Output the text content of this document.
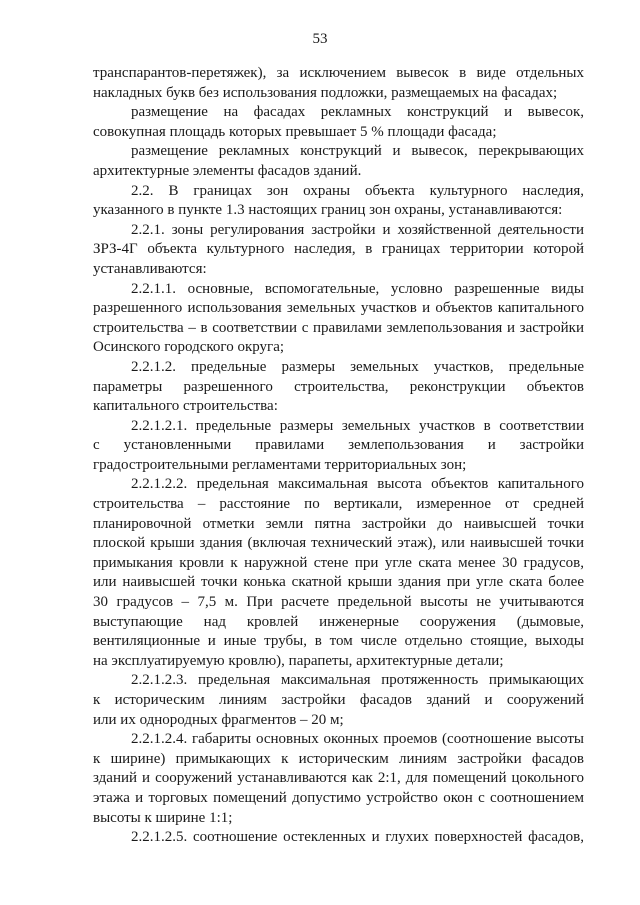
53
транспарантов-перетяжек), за исключением вывесок в виде отдельных
накладных букв без использования подложки, размещаемых на фасадах;
размещение на фасадах рекламных конструкций и вывесок,
совокупная площадь которых превышает 5 % площади фасада;
размещение рекламных конструкций и вывесок, перекрывающих
архитектурные элементы фасадов зданий.
2.2. В границах зон охраны объекта культурного наследия,
указанного в пункте 1.3 настоящих границ зон охраны, устанавливаются:
2.2.1. зоны регулирования застройки и хозяйственной деятельности
ЗРЗ-4Г объекта культурного наследия, в границах территории которой
устанавливаются:
2.2.1.1. основные, вспомогательные, условно разрешенные виды
разрешенного использования земельных участков и объектов капитального
строительства – в соответствии с правилами землепользования и застройки
Осинского городского округа;
2.2.1.2. предельные размеры земельных участков, предельные
параметры разрешенного строительства, реконструкции объектов
капитального строительства:
2.2.1.2.1. предельные размеры земельных участков в соответствии
с установленными правилами землепользования и застройки
градостроительными регламентами территориальных зон;
2.2.1.2.2. предельная максимальная высота объектов капитального
строительства – расстояние по вертикали, измеренное от средней
планировочной отметки земли пятна застройки до наивысшей точки
плоской крыши здания (включая технический этаж), или наивысшей точки
примыкания кровли к наружной стене при угле ската менее 30 градусов,
или наивысшей точки конька скатной крыши здания при угле ската более
30 градусов – 7,5 м. При расчете предельной высоты не учитываются
выступающие над кровлей инженерные сооружения (дымовые,
вентиляционные и иные трубы, в том числе отдельно стоящие, выходы
на эксплуатируемую кровлю), парапеты, архитектурные детали;
2.2.1.2.3. предельная максимальная протяженность примыкающих
к историческим линиям застройки фасадов зданий и сооружений
или их однородных фрагментов – 20 м;
2.2.1.2.4. габариты основных оконных проемов (соотношение высоты
к ширине) примыкающих к историческим линиям застройки фасадов
зданий и сооружений устанавливаются как 2:1, для помещений цокольного
этажа и торговых помещений допустимо устройство окон с соотношением
высоты к ширине 1:1;
2.2.1.2.5. соотношение остекленных и глухих поверхностей фасадов,
